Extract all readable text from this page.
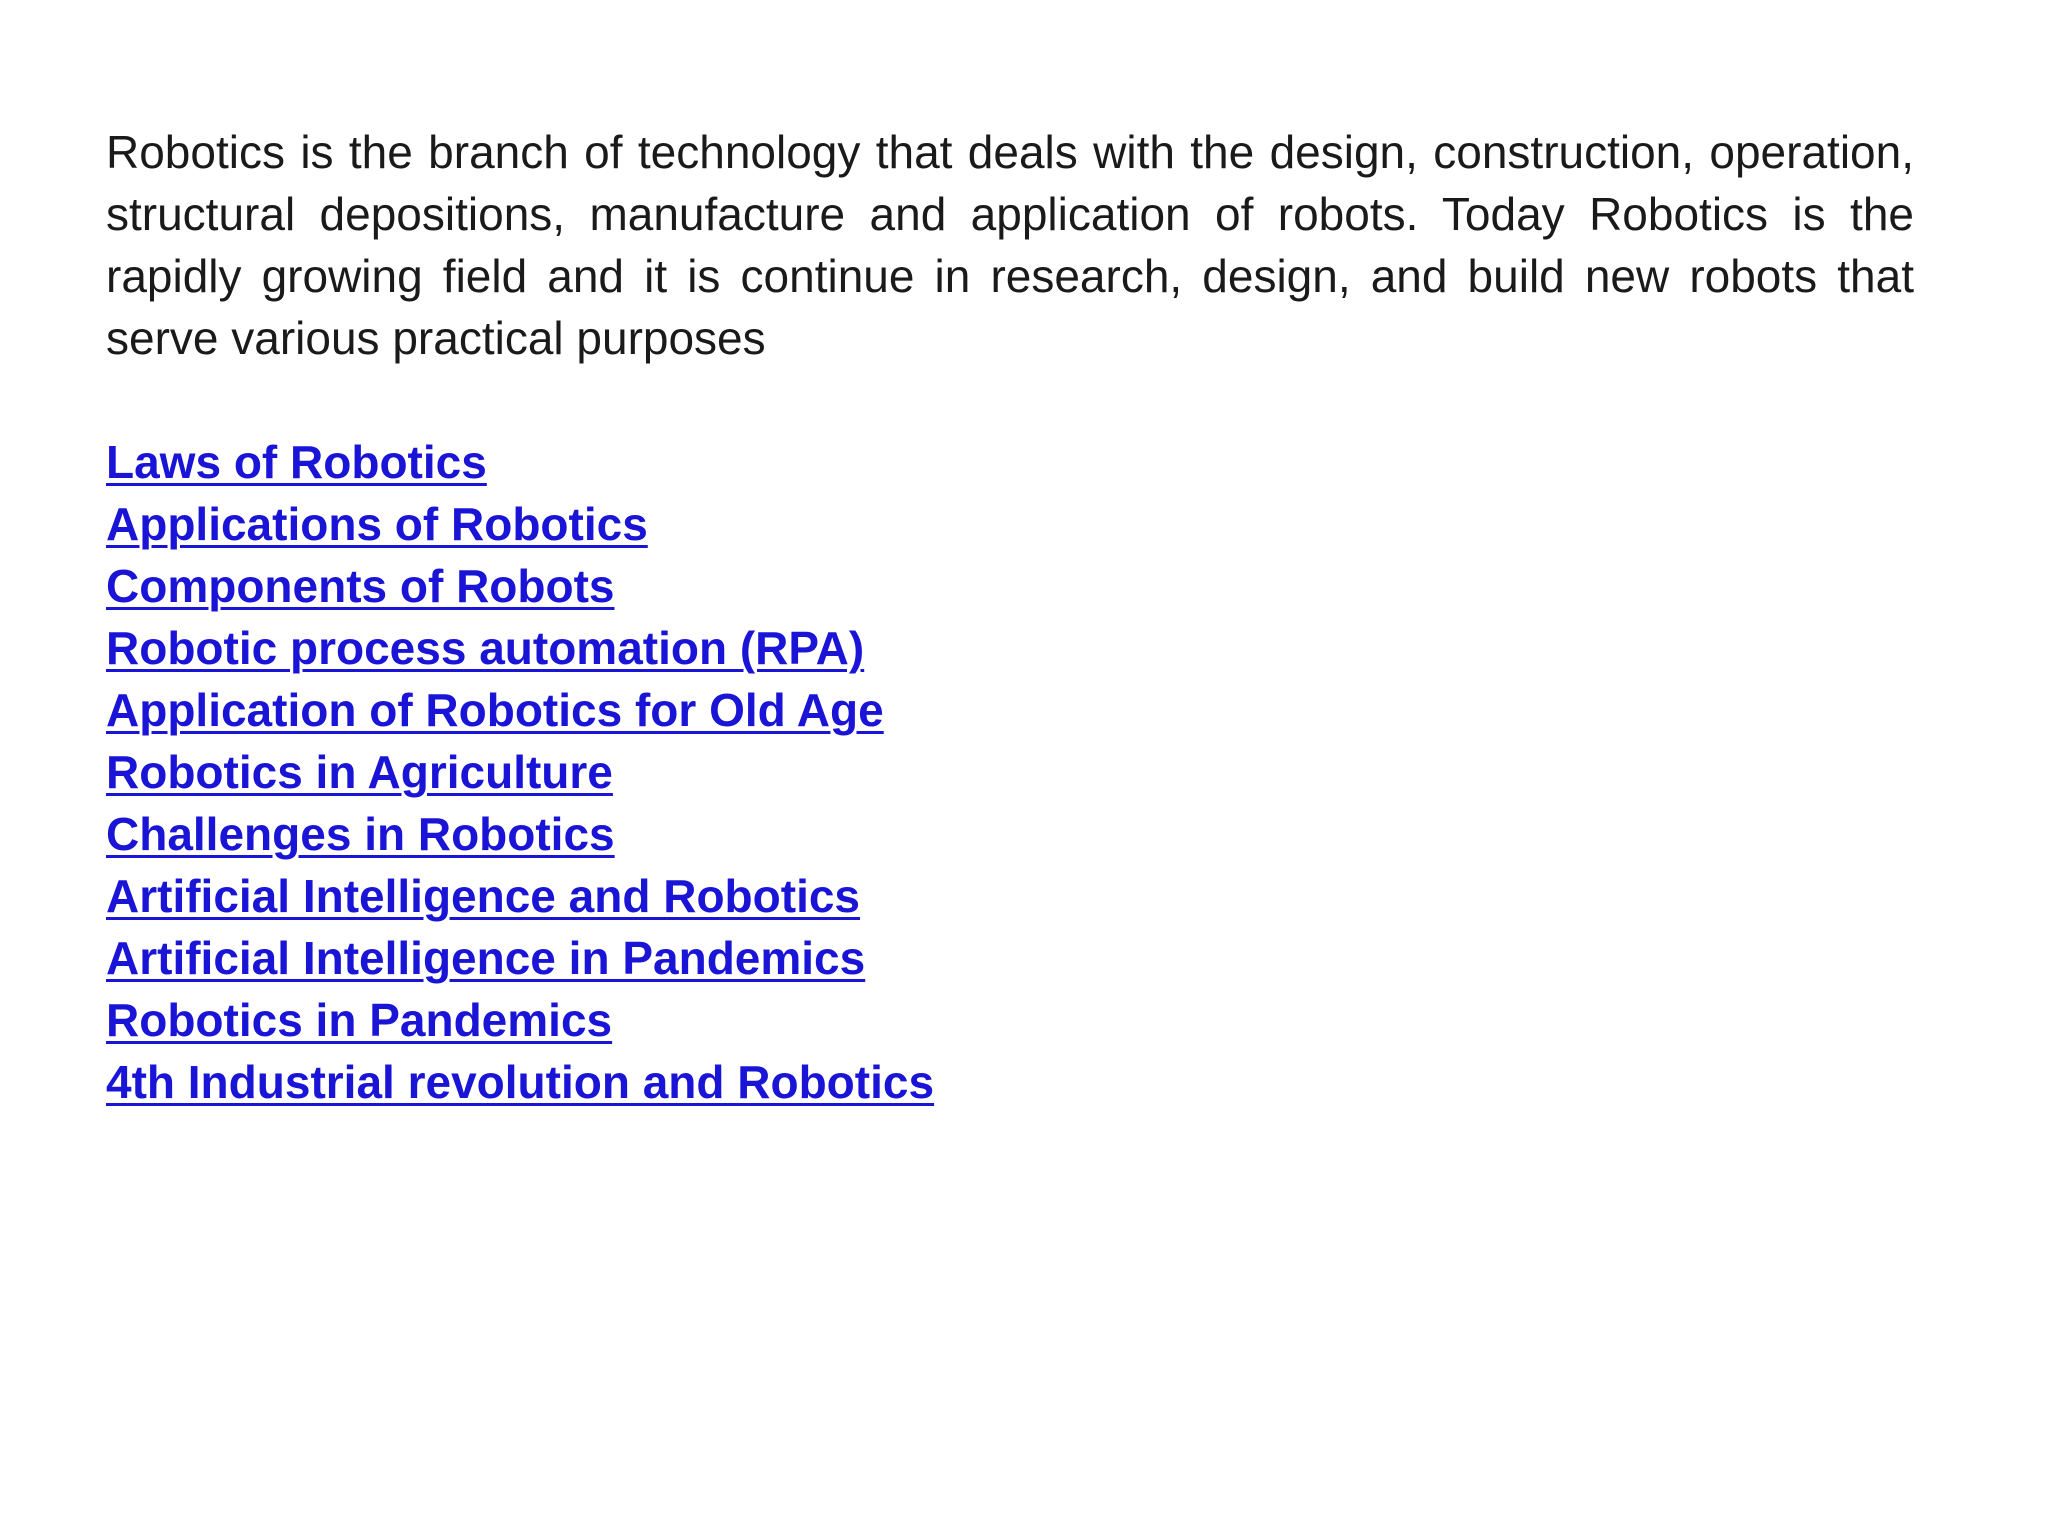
Robotics is the branch of technology that deals with the design, construction, operation, structural depositions, manufacture and application of robots. Today Robotics is the rapidly growing field and it is continue in research, design, and build new robots that serve various practical purposes

Laws of Robotics
Applications of Robotics
Components of Robots
Robotic process automation (RPA)
Application of Robotics for Old Age
Robotics in Agriculture
Challenges in Robotics
Artificial Intelligence and Robotics
Artificial Intelligence in Pandemics
Robotics in Pandemics
4th Industrial revolution and Robotics
